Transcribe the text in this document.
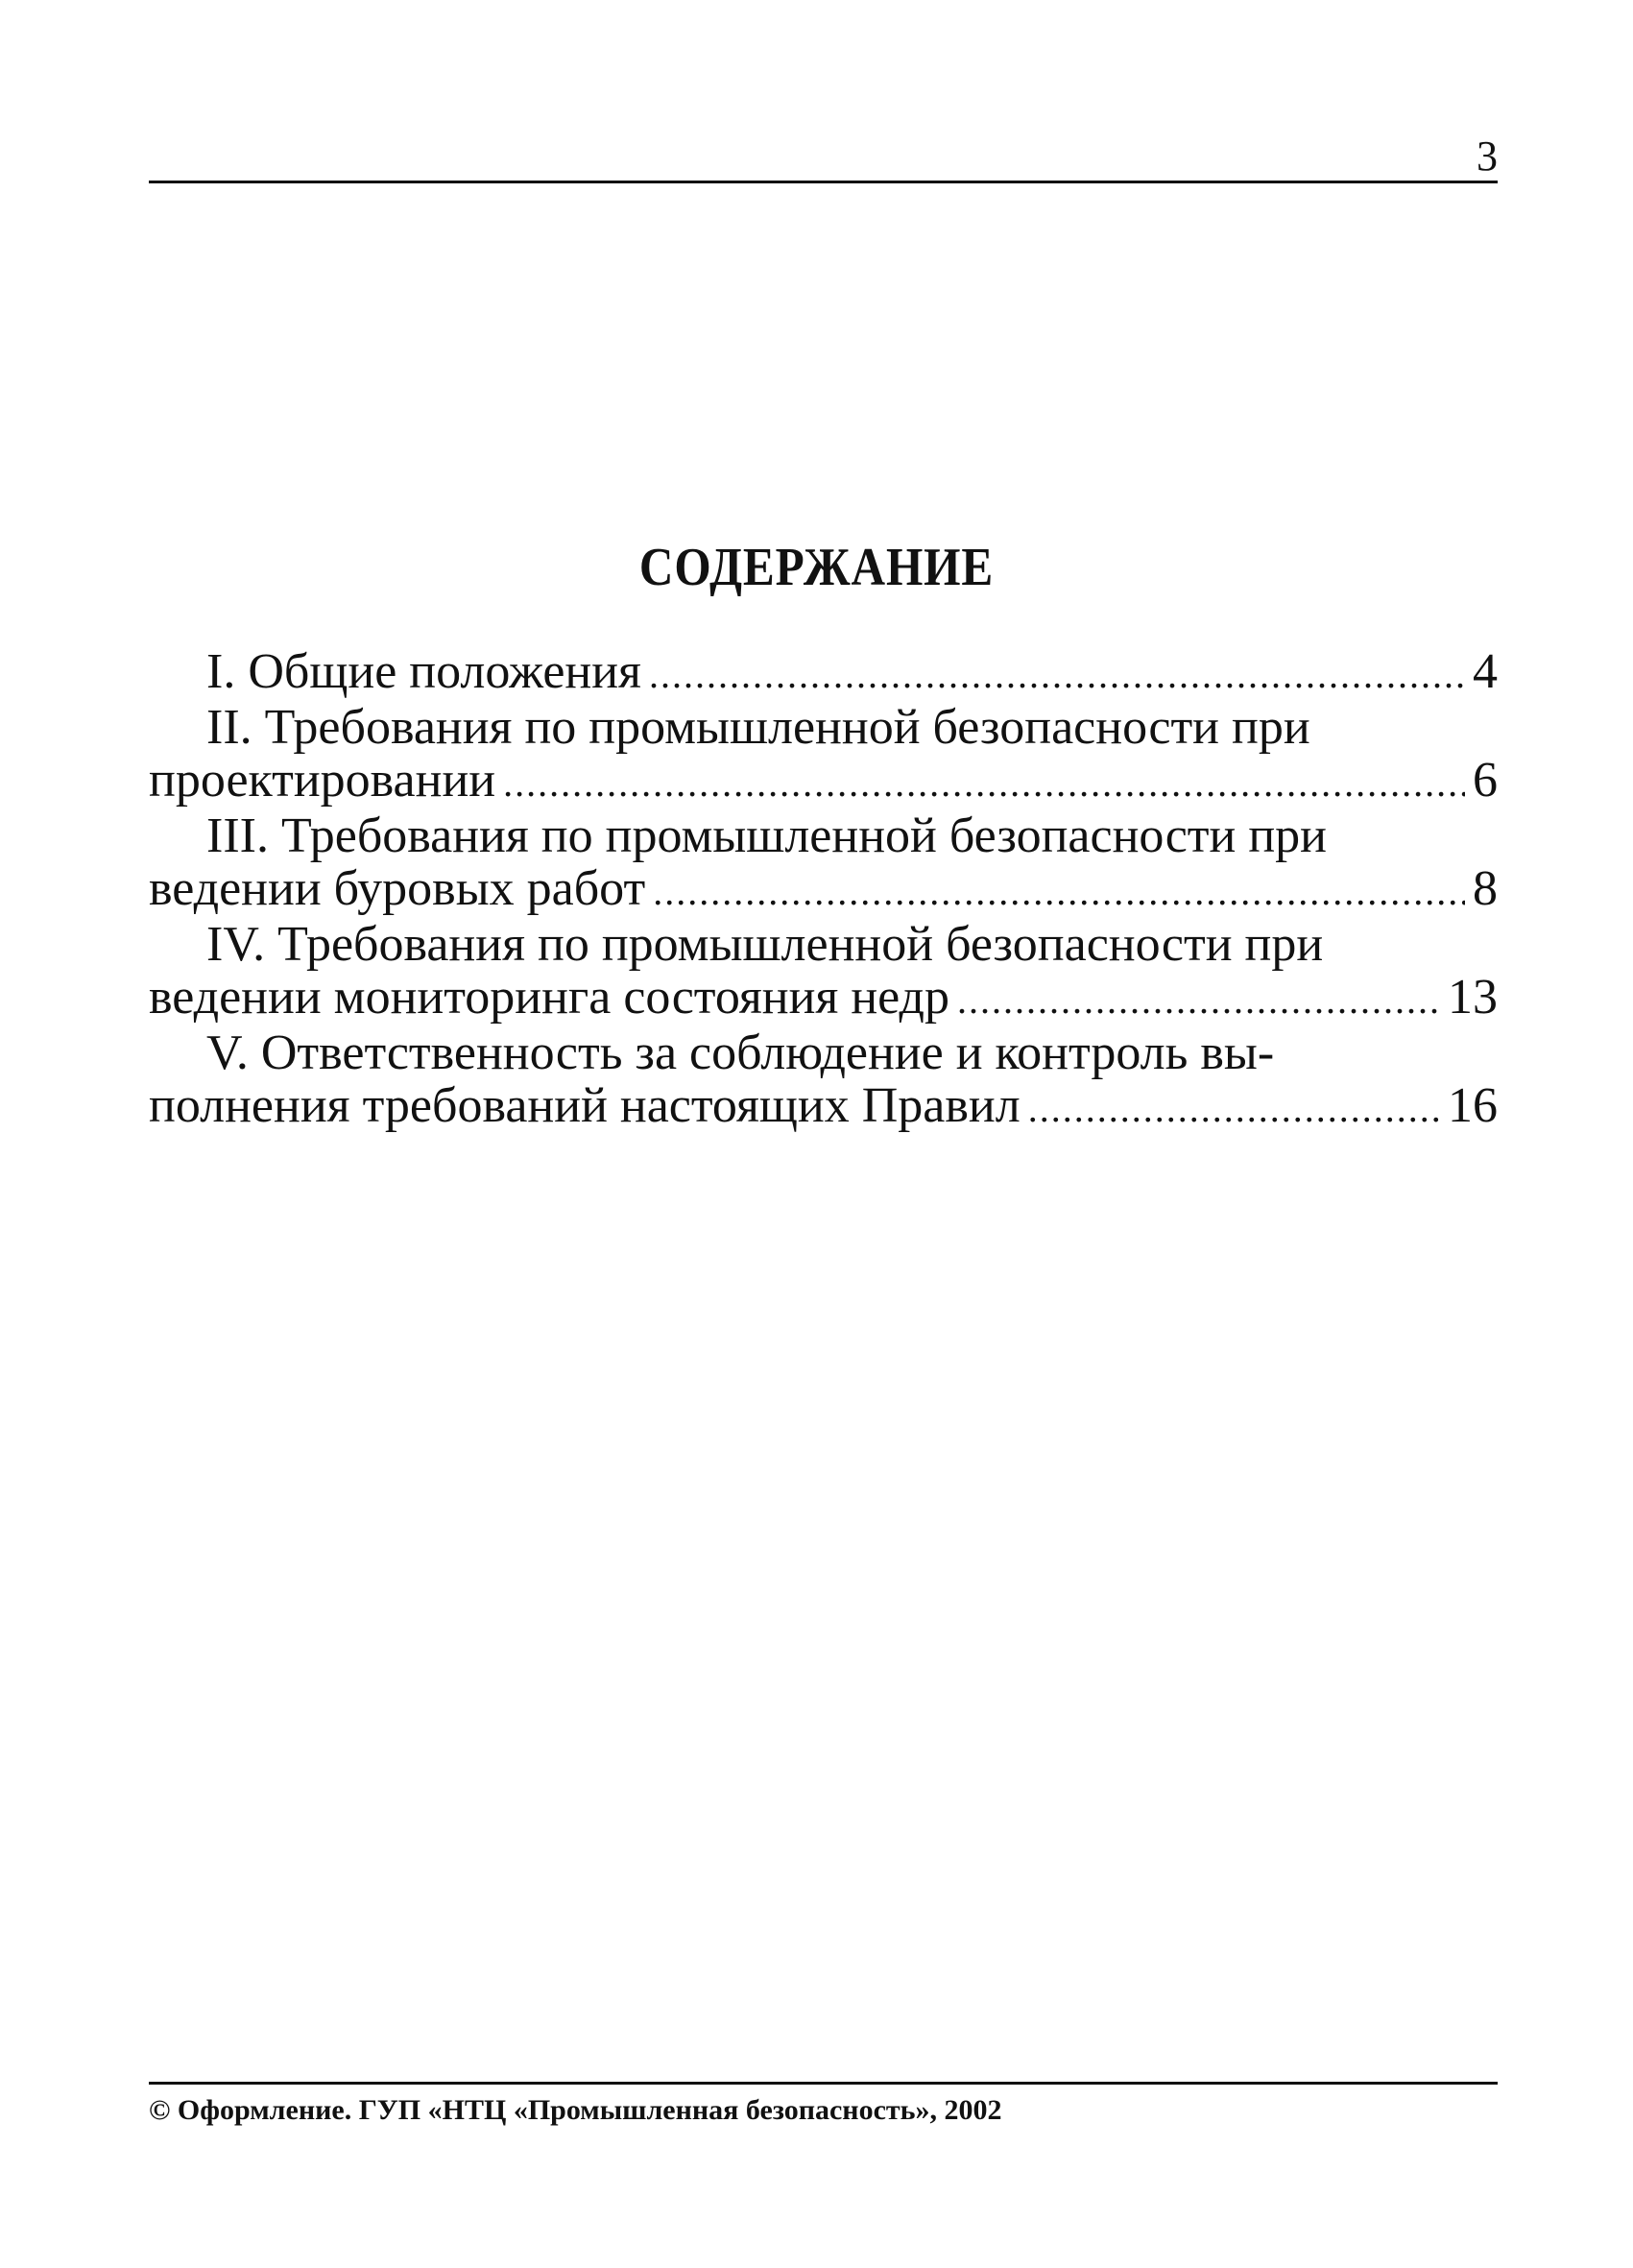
3
СОДЕРЖАНИЕ
I. Общие положения .....	4
II. Требования по промышленной безопасности при
проектировании .....	6
III. Требования по промышленной безопасности при
ведении буровых работ .....	8
IV. Требования по промышленной безопасности при
ведении мониторинга состояния недр .....	13
V. Ответственность за соблюдение и контроль вы-
полнения требований настоящих Правил .....	16
© Оформление. ГУП «НТЦ «Промышленная безопасность», 2002
